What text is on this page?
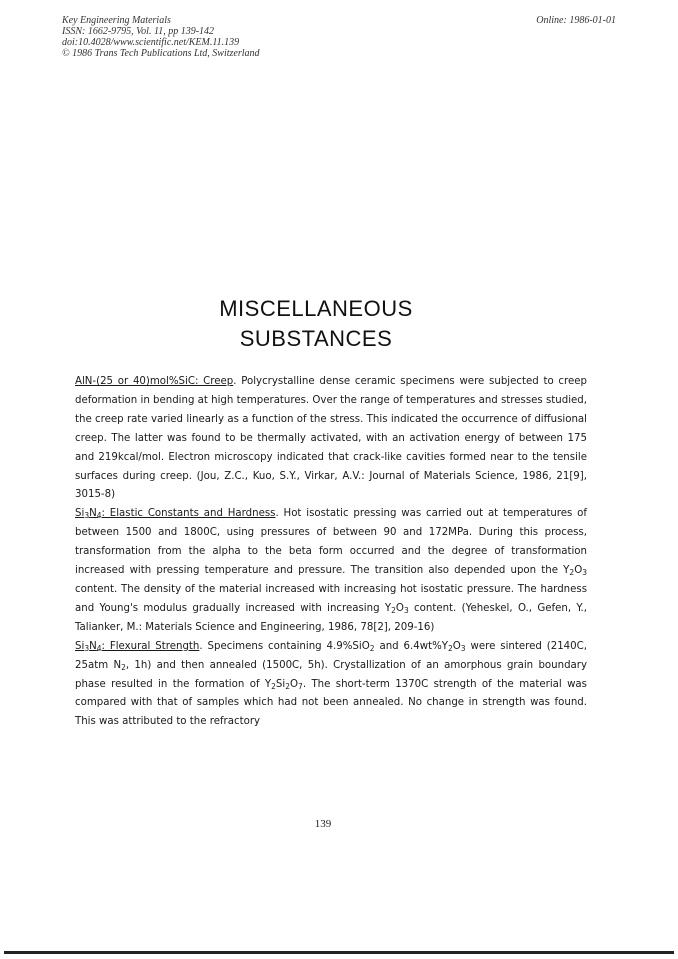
Key Engineering Materials
ISSN: 1662-9795, Vol. 11, pp 139-142
doi:10.4028/www.scientific.net/KEM.11.139
© 1986 Trans Tech Publications Ltd, Switzerland
Online: 1986-01-01
MISCELLANEOUS
SUBSTANCES

AlN-(25 or 40)mol%SiC: Creep. Polycrystalline dense ceramic specimens were subjected to creep deformation in bending at high temperatures. Over the range of temperatures and stresses studied, the creep rate varied linearly as a function of the stress. This indicated the occurrence of diffusional creep. The latter was found to be thermally activated, with an activation energy of between 175 and 219kcal/mol. Electron microscopy indicated that crack-like cavities formed near to the tensile surfaces during creep. (Jou, Z.C., Kuo, S.Y., Virkar, A.V.: Journal of Materials Science, 1986, 21[9], 3015-8)

$Si_3N_4$: Elastic Constants and Hardness. Hot isostatic pressing was carried out at temperatures of between 1500 and 1800C, using pressures of between 90 and 172MPa. During this process, transformation from the alpha to the beta form occurred and the degree of transformation increased with pressing temperature and pressure. The transition also depended upon the $Y_2O_3$ content. The density of the material increased with increasing hot isostatic pressure. The hardness and Young's modulus gradually increased with increasing $Y_2O_3$ content. (Yeheskel, O., Gefen, Y., Talianker, M.: Materials Science and Engineering, 1986, 78[2], 209-16)

$Si_3N_4$: Flexural Strength. Specimens containing 4.9%SiO$_2$ and $6.4wt\%Y_2O_3$ were sintered (2140C, 25atm $N_2$, 1h) and then annealed (1500C, 5h). Crystallization of an amorphous grain boundary phase resulted in the formation of $Y_2Si_2O_7$. The short-term 1370C strength of the material was compared with that of samples which had not been annealed. No change in strength was found. This was attributed to the refractory

139
